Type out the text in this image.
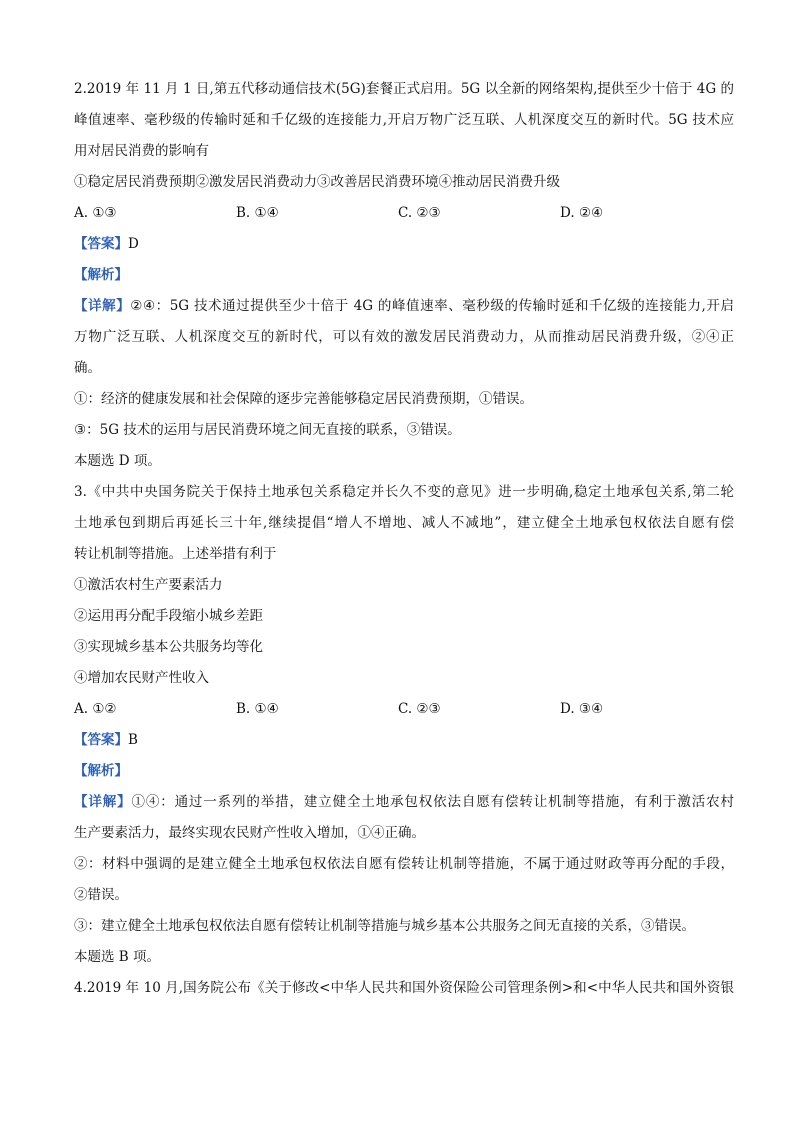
2.2019 年 11 月 1 日,第五代移动通信技术(5G)套餐正式启用。5G 以全新的网络架构,提供至少十倍于 4G 的
峰值速率、毫秒级的传输时延和千亿级的连接能力,开启万物广泛互联、人机深度交互的新时代。5G 技术应
用对居民消费的影响有
①稳定居民消费预期②激发居民消费动力③改善居民消费环境④推动居民消费升级
A. ①③	B. ①④	C. ②③	D. ②④
【答案】D
【解析】
【详解】②④：5G 技术通过提供至少十倍于 4G 的峰值速率、毫秒级的传输时延和千亿级的连接能力,开启
万物广泛互联、人机深度交互的新时代，可以有效的激发居民消费动力，从而推动居民消费升级，②④正
确。
①：经济的健康发展和社会保障的逐步完善能够稳定居民消费预期，①错误。
③：5G 技术的运用与居民消费环境之间无直接的联系，③错误。
本题选 D 项。
3.《中共中央国务院关于保持土地承包关系稳定并长久不变的意见》进一步明确,稳定土地承包关系,第二轮
土地承包到期后再延长三十年,继续提倡“增人不增地、减人不减地”，建立健全土地承包权依法自愿有偿
转让机制等措施。上述举措有利于
①激活农村生产要素活力
②运用再分配手段缩小城乡差距
③实现城乡基本公共服务均等化
④增加农民财产性收入
A. ①②	B. ①④	C. ②③	D. ③④
【答案】B
【解析】
【详解】①④：通过一系列的举措，建立健全土地承包权依法自愿有偿转让机制等措施，有利于激活农村
生产要素活力，最终实现农民财产性收入增加，①④正确。
②：材料中强调的是建立健全土地承包权依法自愿有偿转让机制等措施，不属于通过财政等再分配的手段，
②错误。
③：建立健全土地承包权依法自愿有偿转让机制等措施与城乡基本公共服务之间无直接的关系，③错误。
本题选 B 项。
4.2019 年 10 月,国务院公布《关于修改<中华人民共和国外资保险公司管理条例>和<中华人民共和国外资银
